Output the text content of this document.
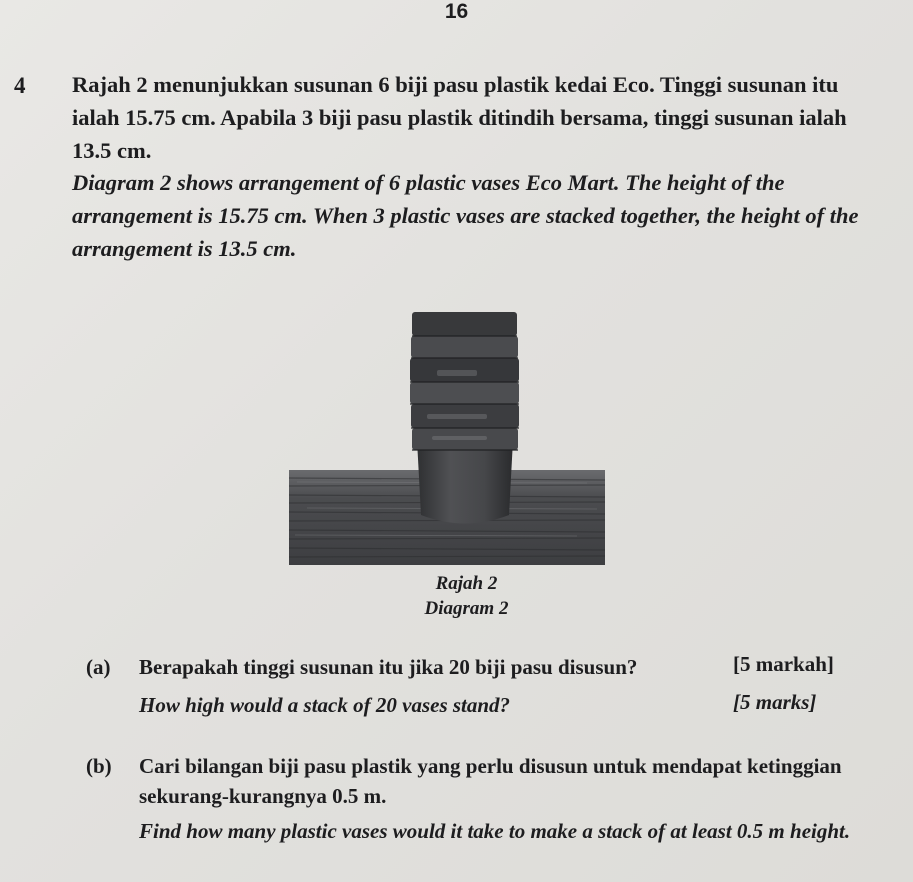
16
4 Rajah 2 menunjukkan susunan 6 biji pasu plastik kedai Eco. Tinggi susunan itu ialah 15.75 cm. Apabila 3 biji pasu plastik ditindih bersama, tinggi susunan ialah 13.5 cm.
Diagram 2 shows arrangement of 6 plastic vases Eco Mart. The height of the arrangement is 15.75 cm. When 3 plastic vases are stacked together, the height of the arrangement is 13.5 cm.
Rajah 2
Diagram 2
(a) Berapakah tinggi susunan itu jika 20 biji pasu disusun?	[5 markah]
How high would a stack of 20 vases stand?	[5 marks]
(b) Cari bilangan biji pasu plastik yang perlu disusun untuk mendapat ketinggian sekurang-kurangnya 0.5 m.
Find how many plastic vases would it take to make a stack of at least 0.5 m height.
